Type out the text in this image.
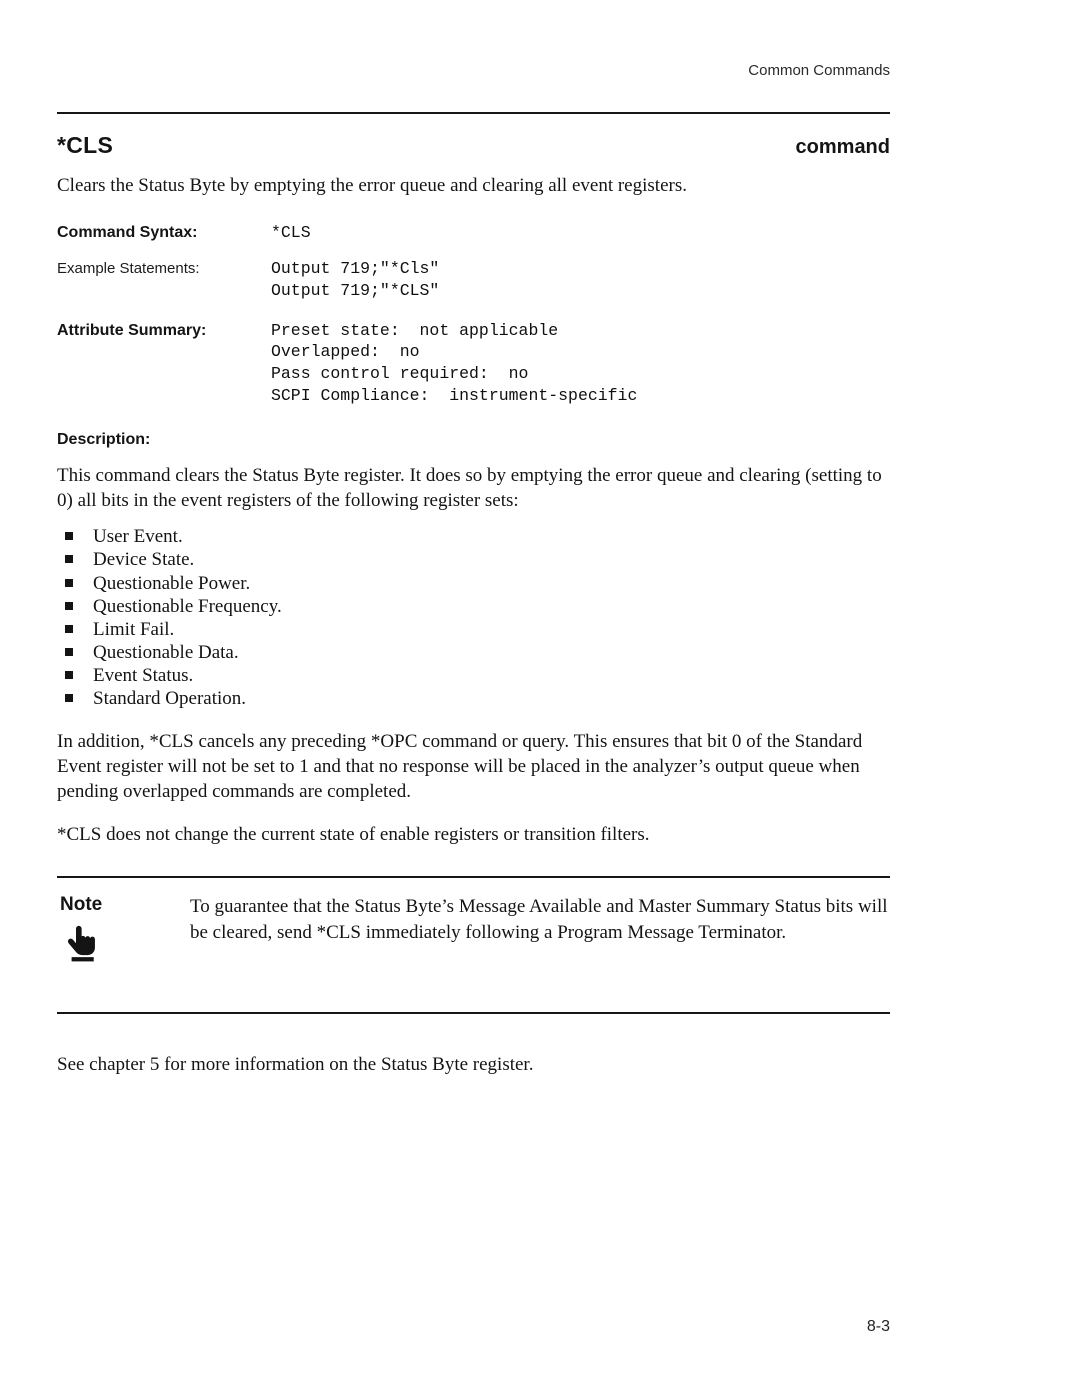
Common Commands
*CLS	command

Clears the Status Byte by emptying the error queue and clearing all event registers.

Command Syntax:	*CLS
Example Statements:	Output 719;"*Cls"
Output 719;"*CLS"
Attribute Summary:	Preset state:  not applicable
Overlapped:  no
Pass control required:  no
SCPI Compliance:  instrument-specific
Description:

This command clears the Status Byte register. It does so by emptying the error queue and clearing (setting to 0) all bits in the event registers of the following register sets:

User Event.
Device State.
Questionable Power.
Questionable Frequency.
Limit Fail.
Questionable Data.
Event Status.
Standard Operation.

In addition, *CLS cancels any preceding *OPC command or query. This ensures that bit 0 of the Standard Event register will not be set to 1 and that no response will be placed in the analyzer’s output queue when pending overlapped commands are completed.

*CLS does not change the current state of enable registers or transition filters.

Note	To guarantee that the Status Byte’s Message Available and Master Summary Status bits will be cleared, send *CLS immediately following a Program Message Terminator.

See chapter 5 for more information on the Status Byte register.

8-3
